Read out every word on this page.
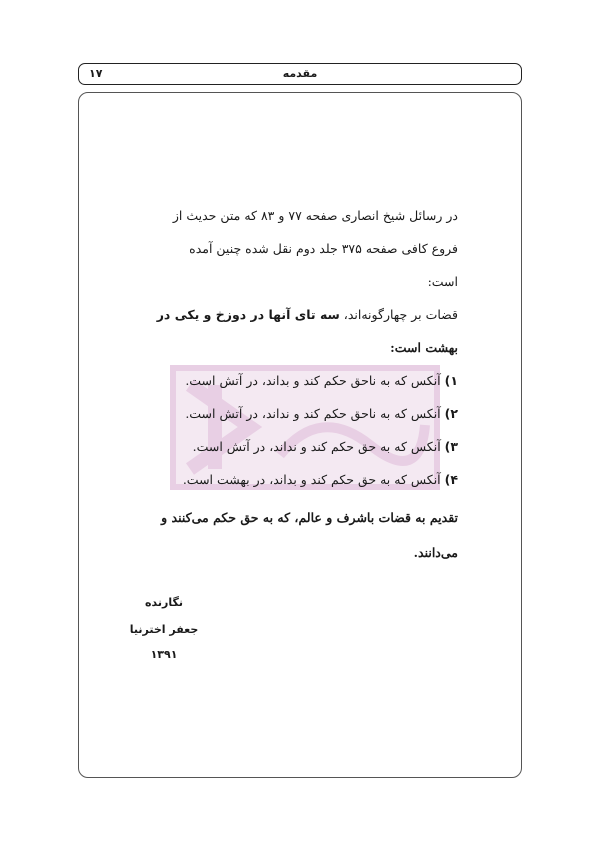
۱۷	مقدمه
در رسائل شیخ انصاری صفحه ۷۷ و ۸۳ که متن حدیث از
فروع کافی صفحه ۳۷۵ جلد دوم نقل شده چنین آمده
است:
قضات بر چهارگونه‌اند، سه تای آنها در دوزخ و یکی در
بهشت است:
۱) آنکس که به ناحق حکم کند و بداند، در آتش است.
۲) آنکس که به ناحق حکم کند و نداند، در آتش است.
۳) آنکس که به حق حکم کند و نداند، در آتش است.
۴) آنکس که به حق حکم کند و بداند، در بهشت است.
تقدیم به قضات باشرف و عالم، که به حق حکم می‌کنند و
می‌دانند.
نگارنده
جعفر اخترنیا
۱۳۹۱
